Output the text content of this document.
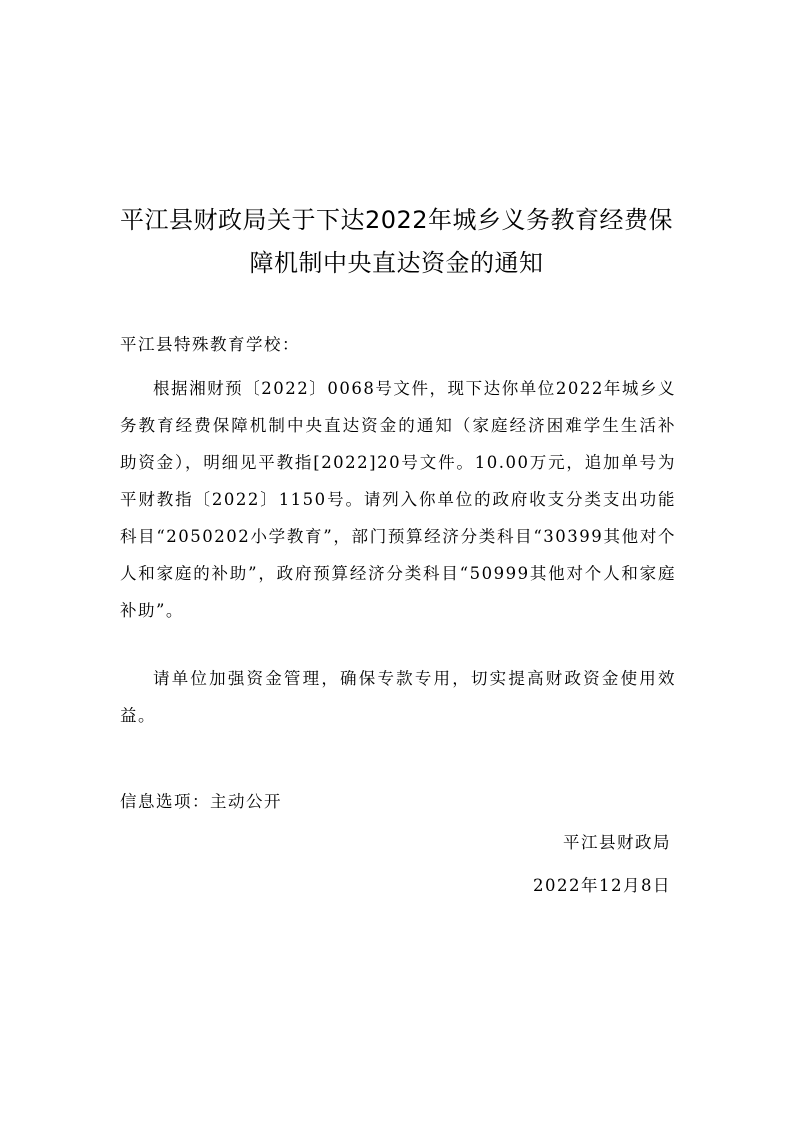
平江县财政局关于下达2022年城乡义务教育经费保
障机制中央直达资金的通知

平江县特殊教育学校：

根据湘财预〔2022〕0068号文件，现下达你单位2022年城乡义务教育经费保障机制中央直达资金的通知（家庭经济困难学生生活补助资金），明细见平教指[2022]20号文件。10.00万元，追加单号为平财教指〔2022〕1150号。请列入你单位的政府收支分类支出功能科目“2050202小学教育”，部门预算经济分类科目“30399其他对个人和家庭的补助”，政府预算经济分类科目“50999其他对个人和家庭补助”。

请单位加强资金管理，确保专款专用，切实提高财政资金使用效益。

信息选项：主动公开

平江县财政局

2022年12月8日
